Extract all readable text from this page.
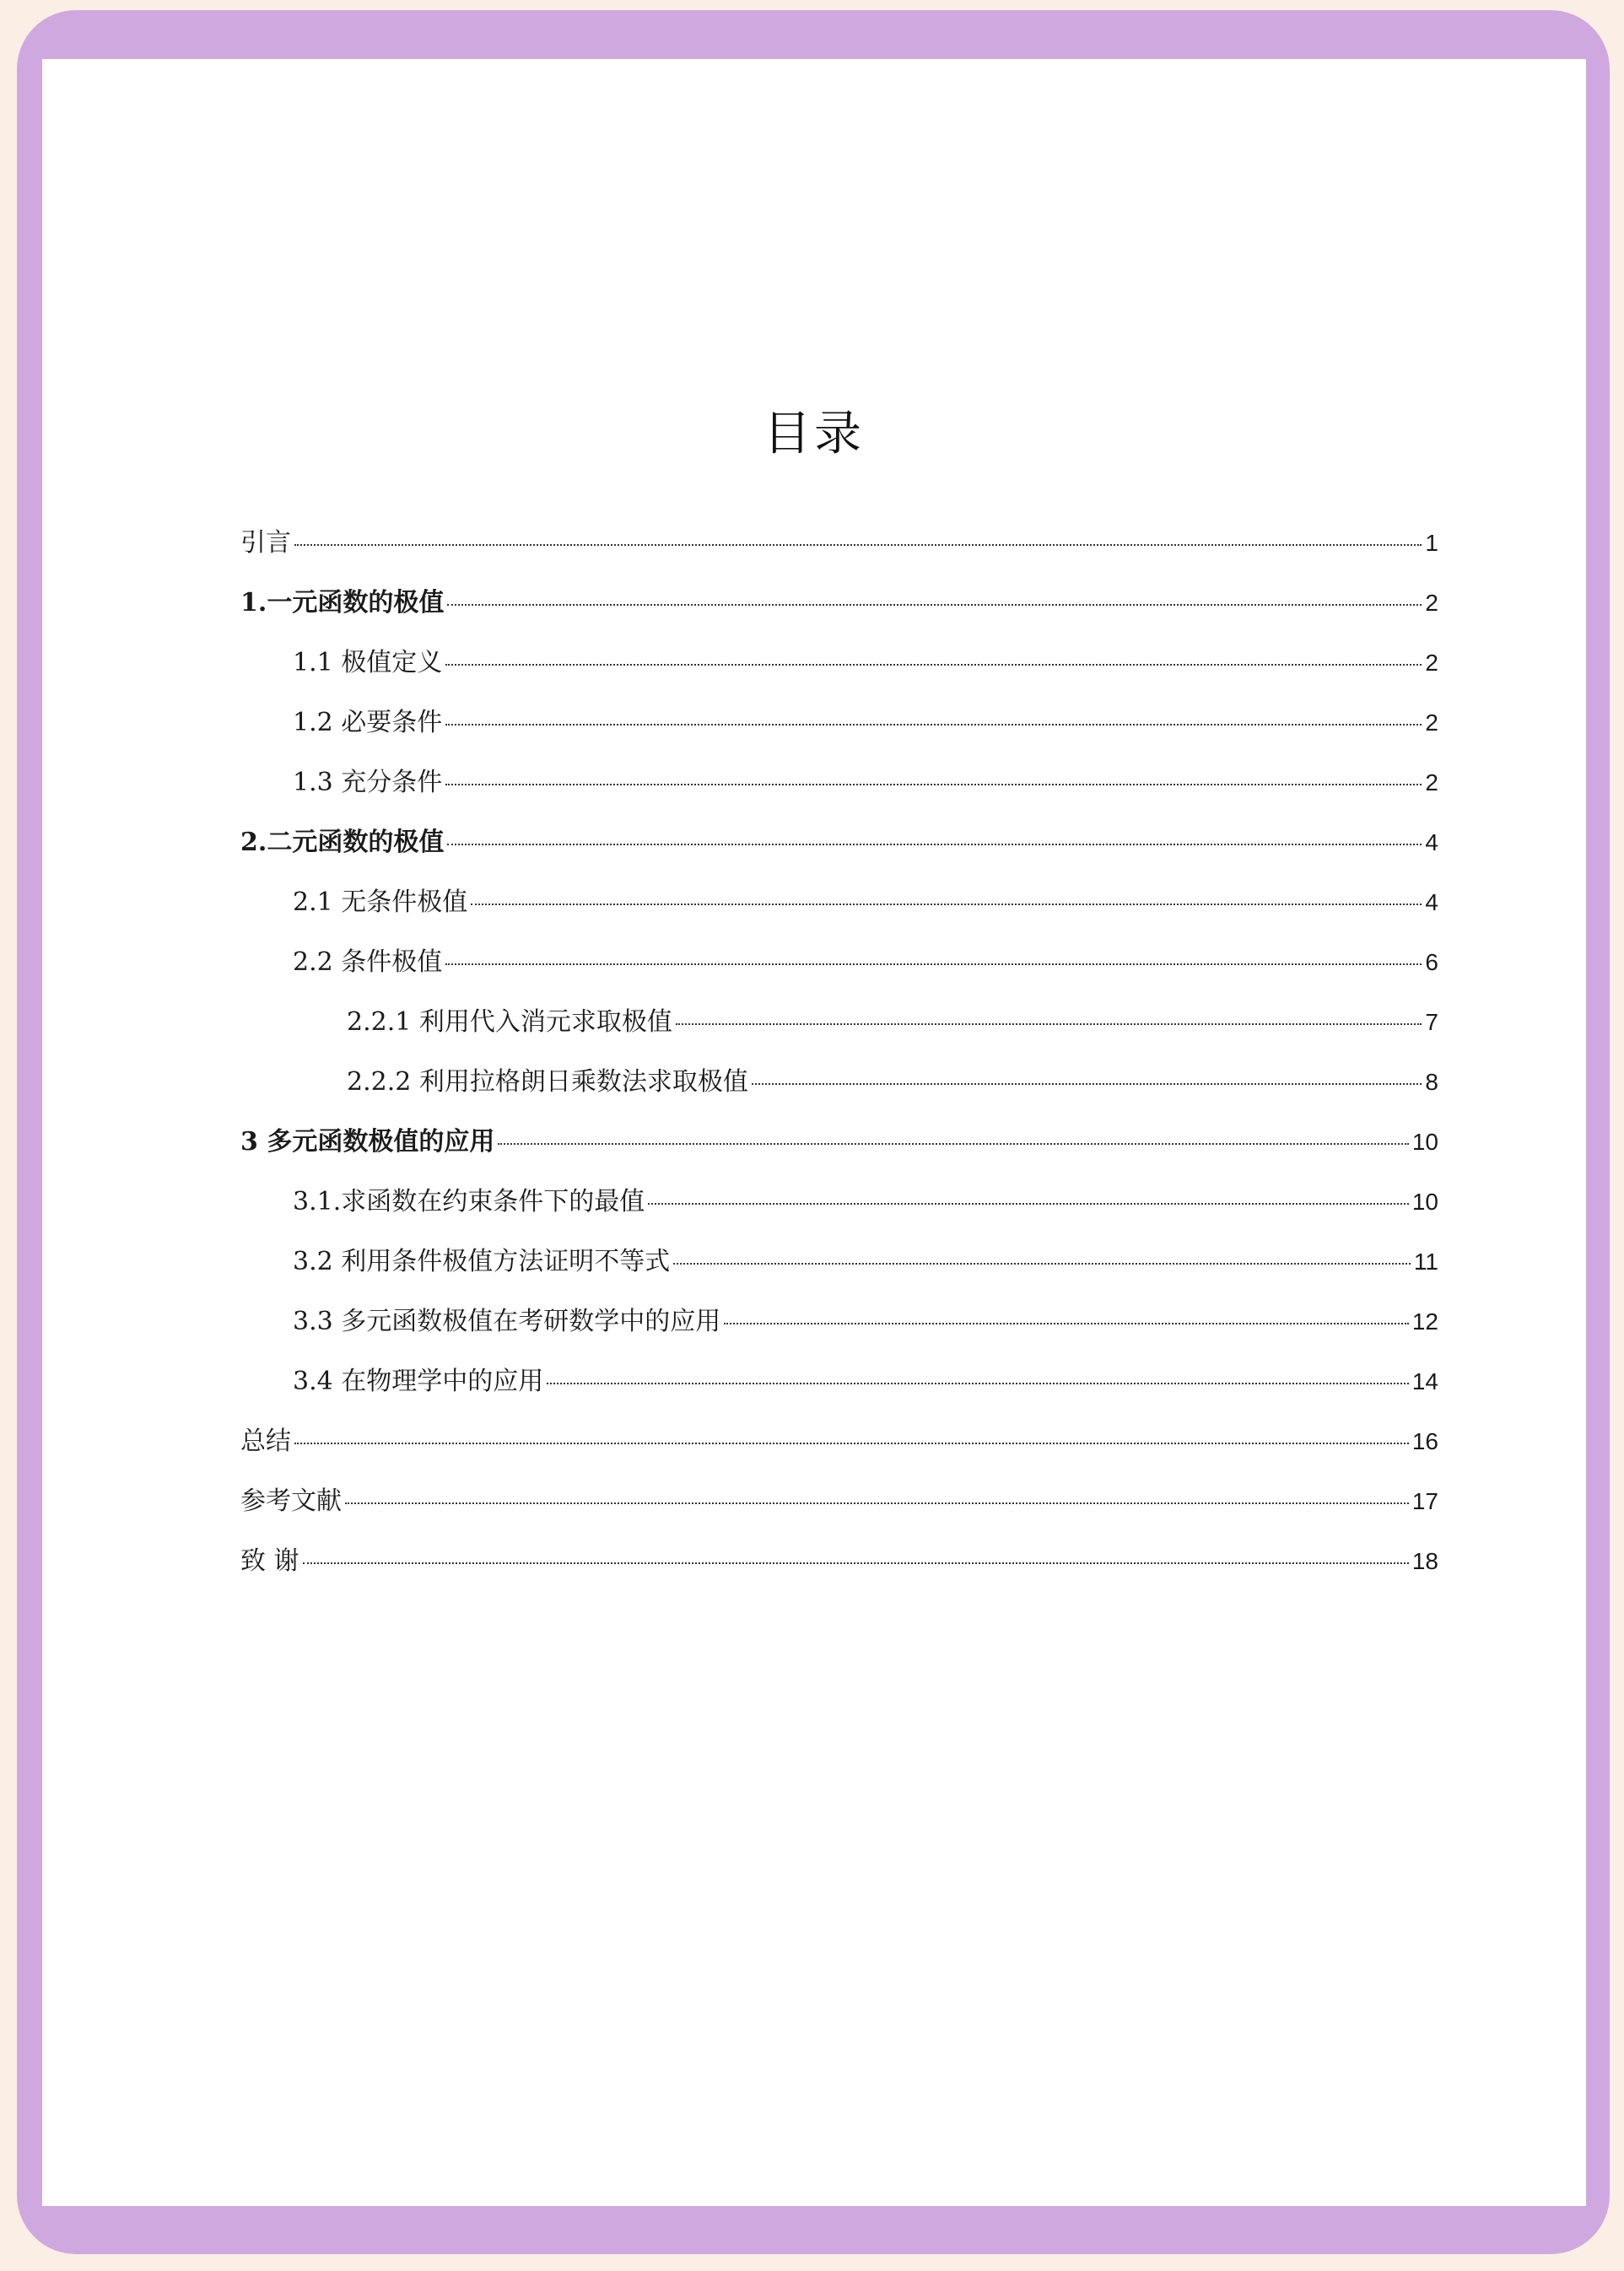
目录
引言	1
1.一元函数的极值	2
1.1 极值定义	2
1.2 必要条件	2
1.3 充分条件	2
2.二元函数的极值	4
2.1 无条件极值	4
2.2 条件极值	6
2.2.1 利用代入消元求取极值	7
2.2.2 利用拉格朗日乘数法求取极值	8
3 多元函数极值的应用	10
3.1.求函数在约束条件下的最值	10
3.2 利用条件极值方法证明不等式	11
3.3 多元函数极值在考研数学中的应用	12
3.4 在物理学中的应用	14
总结	16
参考文献	17
致 谢	18
